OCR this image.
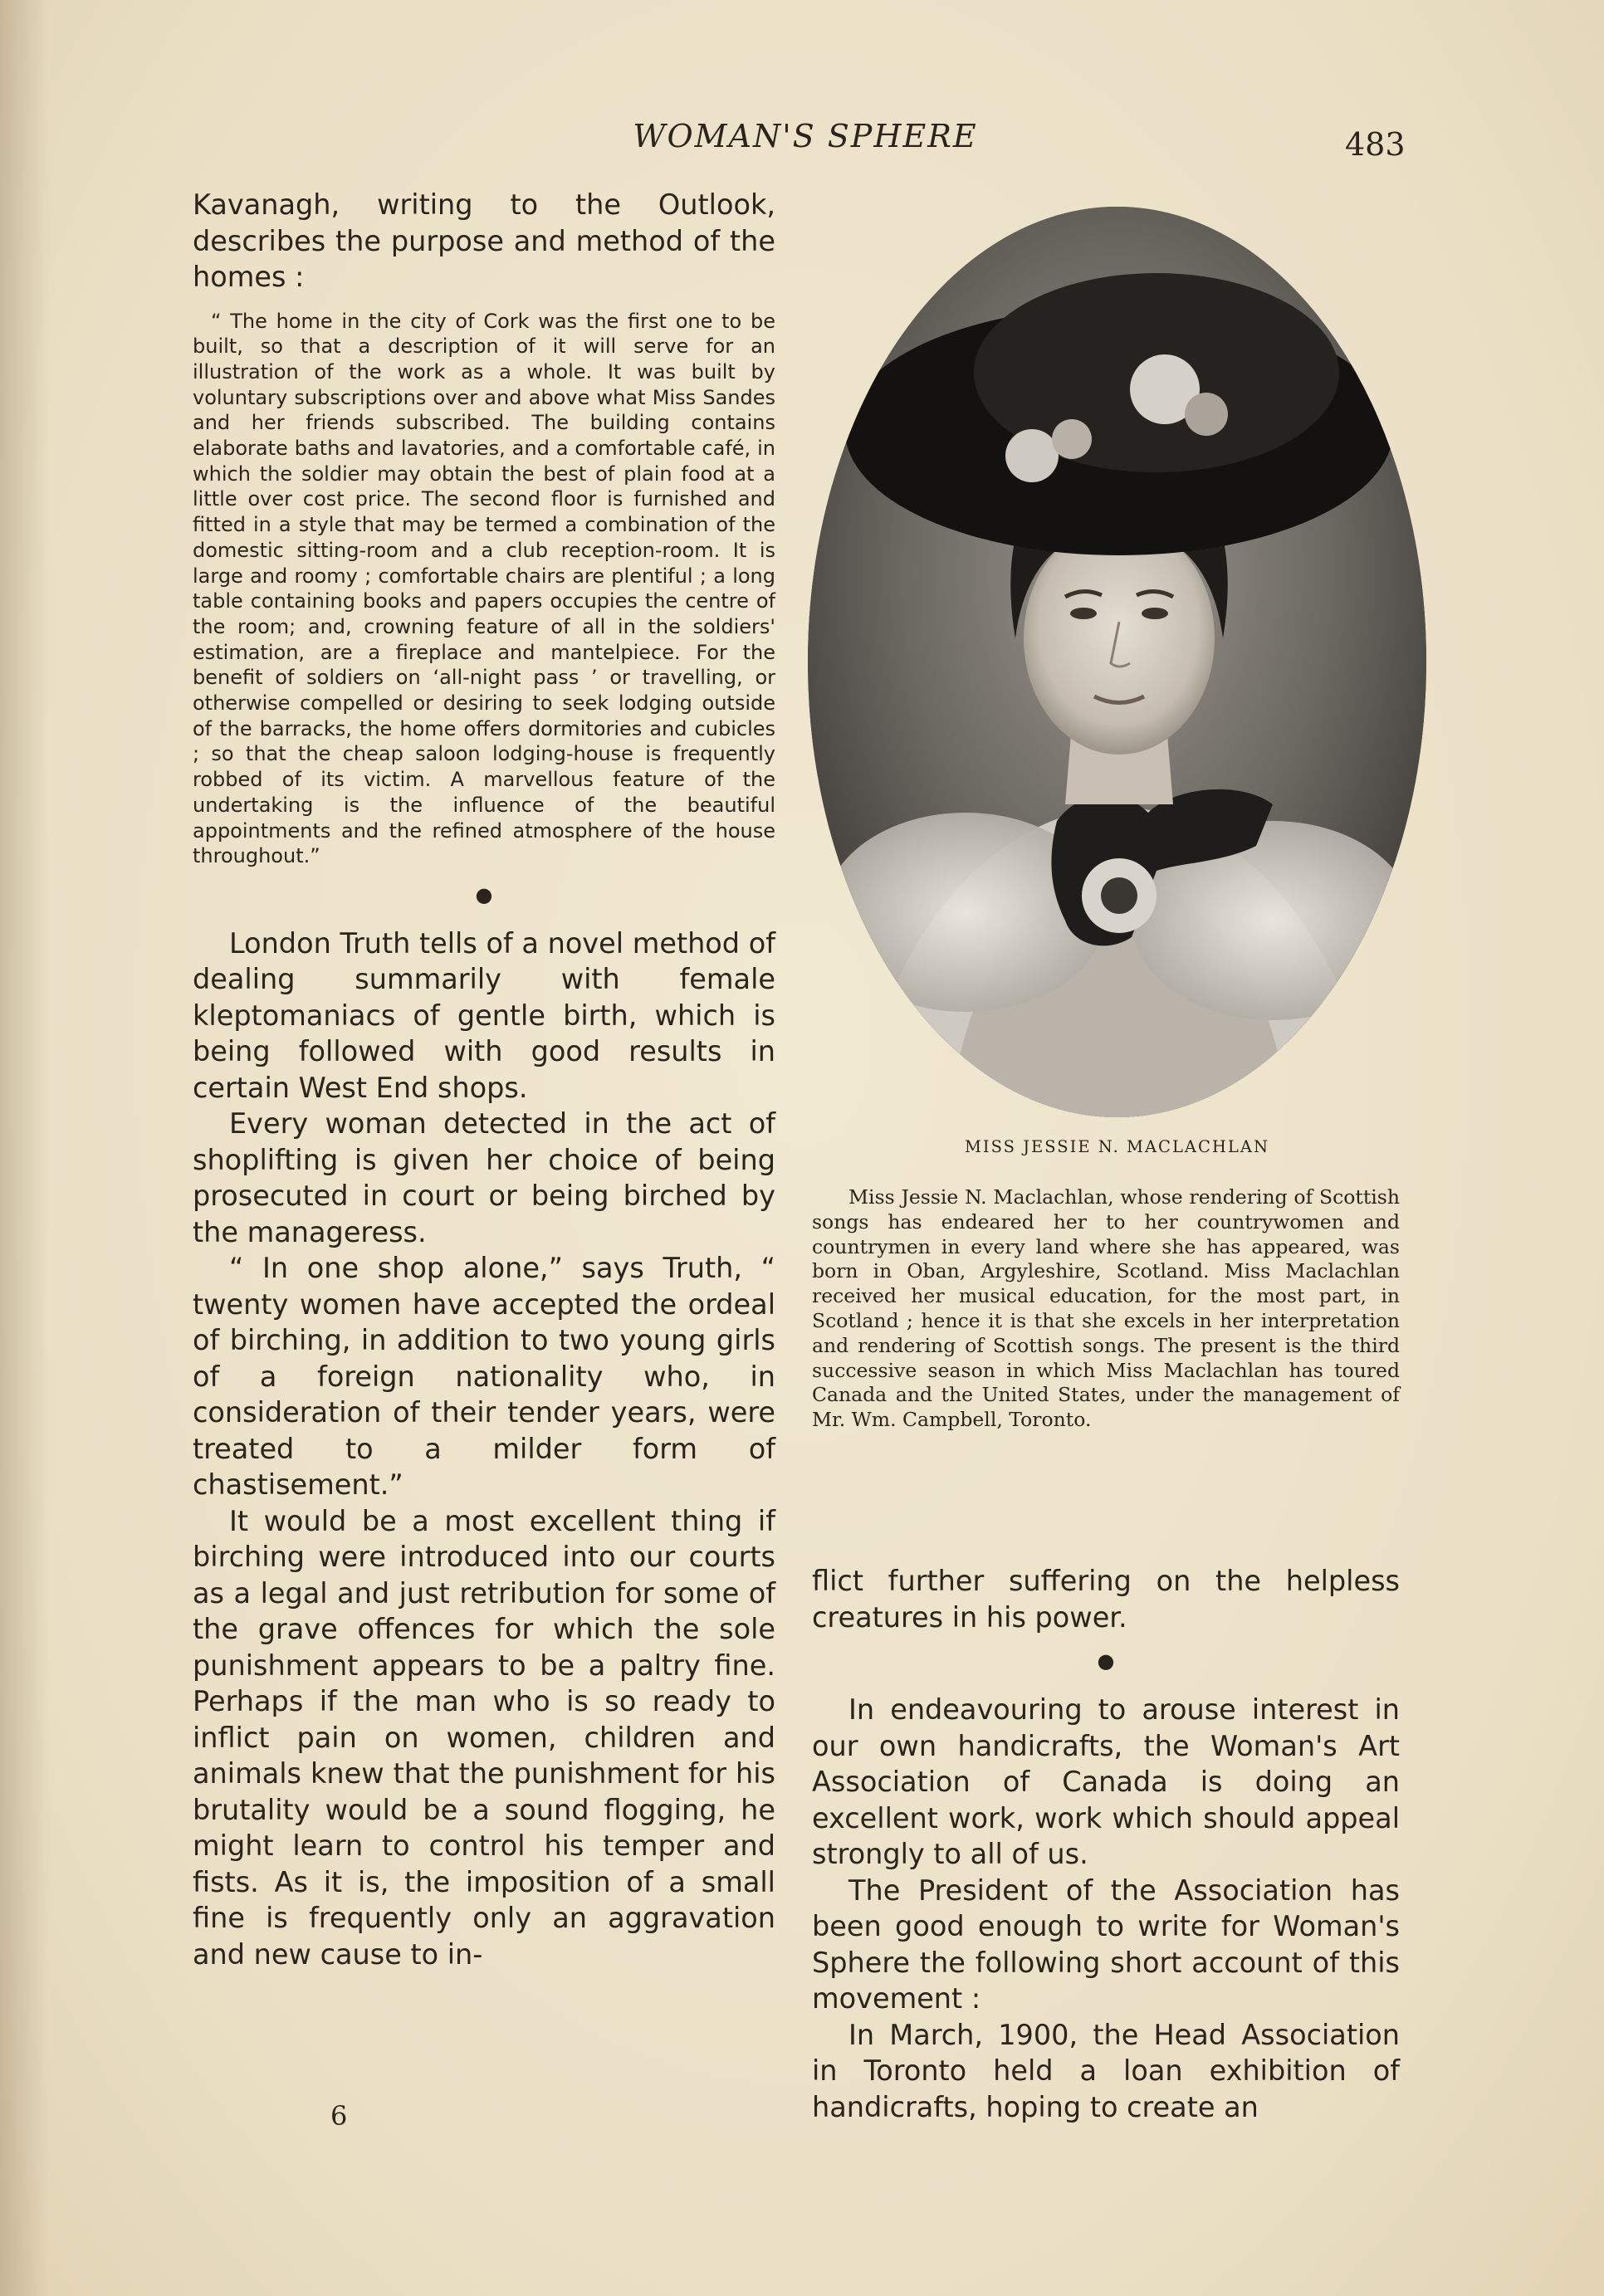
WOMAN'S SPHERE	483

Kavanagh, writing to the Outlook, describes the purpose and method of the homes :

“ The home in the city of Cork was the first one to be built, so that a description of it will serve for an illustration of the work as a whole. It was built by voluntary subscriptions over and above what Miss Sandes and her friends subscribed. The building contains elaborate baths and lavatories, and a comfortable café, in which the soldier may obtain the best of plain food at a little over cost price. The second floor is furnished and fitted in a style that may be termed a combination of the domestic sitting-room and a club reception-room. It is large and roomy ; comfortable chairs are plentiful ; a long table containing books and papers occupies the centre of the room; and, crowning feature of all in the soldiers' estimation, are a fireplace and mantelpiece. For the benefit of soldiers on ‘all-night pass ’ or travelling, or otherwise compelled or desiring to seek lodging outside of the barracks, the home offers dormitories and cubicles ; so that the cheap saloon lodging-house is frequently robbed of its victim. A marvellous feature of the undertaking is the influence of the beautiful appointments and the refined atmosphere of the house throughout.”

●

London Truth tells of a novel method of dealing summarily with female kleptomaniacs of gentle birth, which is being followed with good results in certain West End shops.

Every woman detected in the act of shoplifting is given her choice of being prosecuted in court or being birched by the manageress.

“ In one shop alone,” says Truth, “ twenty women have accepted the ordeal of birching, in addition to two young girls of a foreign nationality who, in consideration of their tender years, were treated to a milder form of chastisement.”

It would be a most excellent thing if birching were introduced into our courts as a legal and just retribution for some of the grave offences for which the sole punishment appears to be a paltry fine. Perhaps if the man who is so ready to inflict pain on women, children and animals knew that the punishment for his brutality would be a sound flogging, he might learn to control his temper and fists. As it is, the imposition of a small fine is frequently only an aggravation and new cause to in-

6
MISS JESSIE N. MACLACHLAN

Miss Jessie N. Maclachlan, whose rendering of Scottish songs has endeared her to her countrywomen and countrymen in every land where she has appeared, was born in Oban, Argyleshire, Scotland. Miss Maclachlan received her musical education, for the most part, in Scotland ; hence it is that she excels in her interpretation and rendering of Scottish songs. The present is the third successive season in which Miss Maclachlan has toured Canada and the United States, under the management of Mr. Wm. Campbell, Toronto.

flict further suffering on the helpless creatures in his power.

●

In endeavouring to arouse interest in our own handicrafts, the Woman's Art Association of Canada is doing an excellent work, work which should appeal strongly to all of us.

The President of the Association has been good enough to write for Woman's Sphere the following short account of this movement :

In March, 1900, the Head Association in Toronto held a loan exhibition of handicrafts, hoping to create an
